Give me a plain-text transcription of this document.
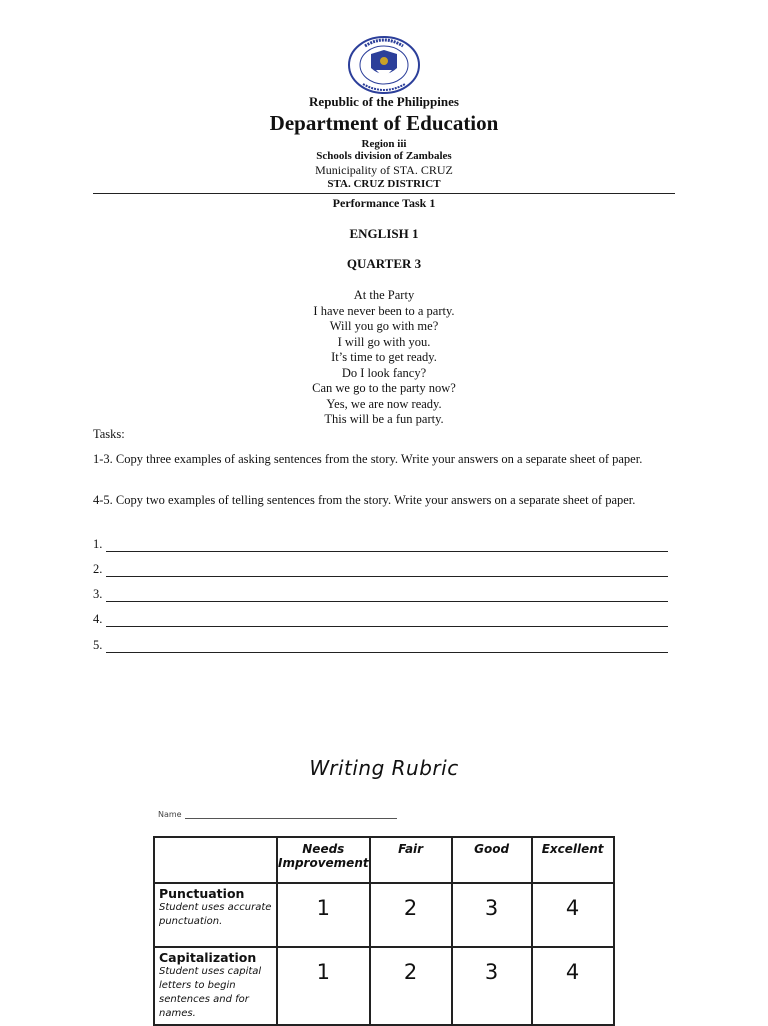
Republic of the Philippines
Department of Education
Region iii
Schools division of Zambales
Municipality of STA. CRUZ
STA. CRUZ DISTRICT
Performance Task 1
ENGLISH 1
QUARTER 3
At the Party
I have never been to a party.
Will you go with me?
I will go with you.
It’s time to get ready.
Do I look fancy?
Can we go to the party now?
Yes, we are now ready.
This will be a fun party.
Tasks:
1-3. Copy three examples of asking sentences from the story. Write your answers on a separate sheet of paper.
4-5. Copy two examples of telling sentences from the story. Write your answers on a separate sheet of paper.
1.
2.
3.
4.
5.
Writing Rubric
Name
	Needs Improvement	Fair	Good	Excellent

Punctuation
Student uses accurate punctuation.	1	2	3	4

Capitalization
Student uses capital letters to begin sentences and for names.	1	2	3	4
